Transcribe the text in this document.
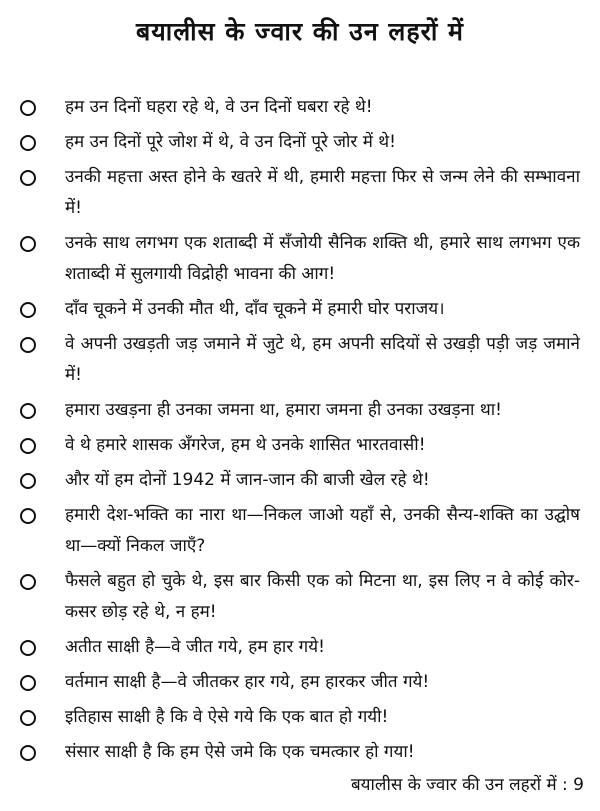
बयालीस के ज्वार की उन लहरों में
हम उन दिनों घहरा रहे थे, वे उन दिनों घबरा रहे थे!
हम उन दिनों पूरे जोश में थे, वे उन दिनों पूरे जोर में थे!
उनकी महत्ता अस्त होने के खतरे में थी, हमारी महत्ता फिर से जन्म लेने की सम्भावना में!
उनके साथ लगभग एक शताब्दी में सँजोयी सैनिक शक्ति थी, हमारे साथ लगभग एक शताब्दी में सुलगायी विद्रोही भावना की आग!
दाँव चूकने में उनकी मौत थी, दाँव चूकने में हमारी घोर पराजय।
वे अपनी उखड़ती जड़ जमाने में जुटे थे, हम अपनी सदियों से उखड़ी पड़ी जड़ जमाने में!
हमारा उखड़ना ही उनका जमना था, हमारा जमना ही उनका उखड़ना था!
वे थे हमारे शासक अँगरेज, हम थे उनके शासित भारतवासी!
और यों हम दोनों 1942 में जान-जान की बाजी खेल रहे थे!
हमारी देश-भक्ति का नारा था—निकल जाओ यहाँ से, उनकी सैन्य-शक्ति का उद्घोष था—क्यों निकल जाएँ?
फैसले बहुत हो चुके थे, इस बार किसी एक को मिटना था, इस लिए न वे कोई कोर-कसर छोड़ रहे थे, न हम!
अतीत साक्षी है—वे जीत गये, हम हार गये!
वर्तमान साक्षी है—वे जीतकर हार गये, हम हारकर जीत गये!
इतिहास साक्षी है कि वे ऐसे गये कि एक बात हो गयी!
संसार साक्षी है कि हम ऐसे जमे कि एक चमत्कार हो गया!
बयालीस के ज्वार की उन लहरों में : 9
